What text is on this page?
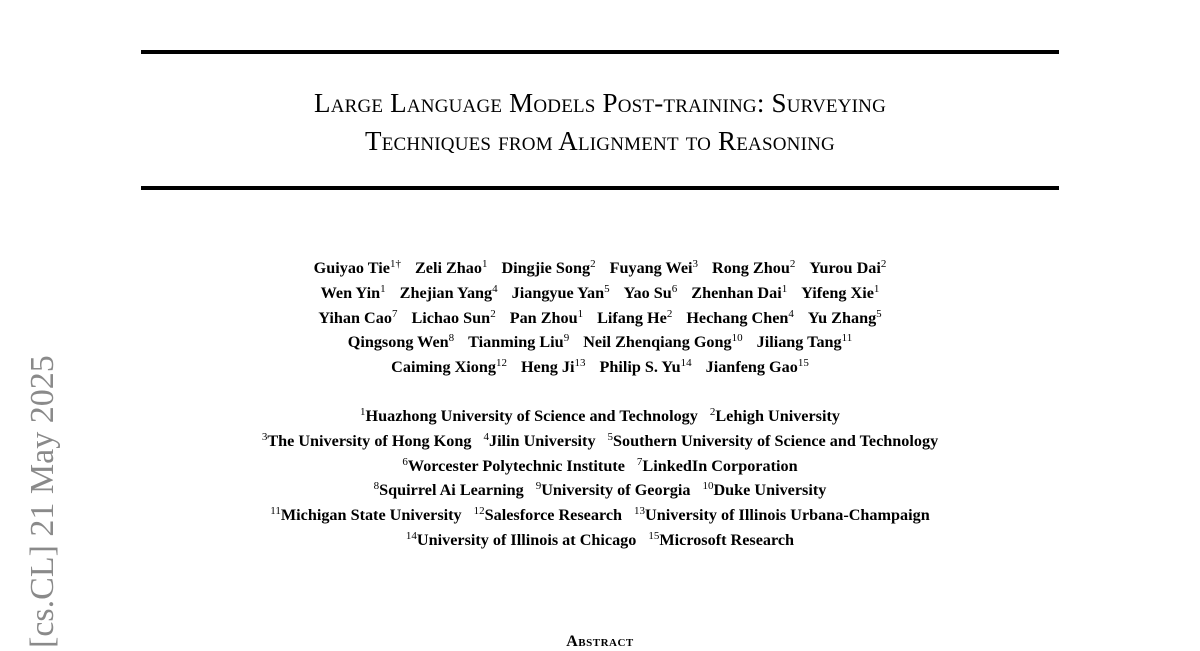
[cs.CL] 21 May 2025
Large Language Models Post-training: Surveying
Techniques from Alignment to Reasoning
Guiyao Tie$^{1\dagger}$ Zeli Zhao$^1$ Dingjie Song$^2$ Fuyang Wei$^3$ Rong Zhou$^2$ Yurou Dai$^2$
Wen Yin$^1$ Zhejian Yang$^4$ Jiangyue Yan$^5$ Yao Su$^6$ Zhenhan Dai$^1$ Yifeng Xie$^1$
Yihan Cao$^7$ Lichao Sun$^2$ Pan Zhou$^1$ Lifang He$^2$ Hechang Chen$^4$ Yu Zhang$^5$
Qingsong Wen$^8$ Tianming Liu$^9$ Neil Zhenqiang Gong$^{10}$ Jiliang Tang$^{11}$
Caiming Xiong$^{12}$ Heng Ji$^{13}$ Philip S. Yu$^{14}$ Jianfeng Gao$^{15}$
$^1$Huazhong University of Science and Technology $^2$Lehigh University
$^3$The University of Hong Kong $^4$Jilin University $^5$Southern University of Science and Technology
$^6$Worcester Polytechnic Institute $^7$LinkedIn Corporation
$^8$Squirrel Ai Learning $^9$University of Georgia $^{10}$Duke University
$^{11}$Michigan State University $^{12}$Salesforce Research $^{13}$University of Illinois Urbana-Champaign
$^{14}$University of Illinois at Chicago $^{15}$Microsoft Research
Abstract
